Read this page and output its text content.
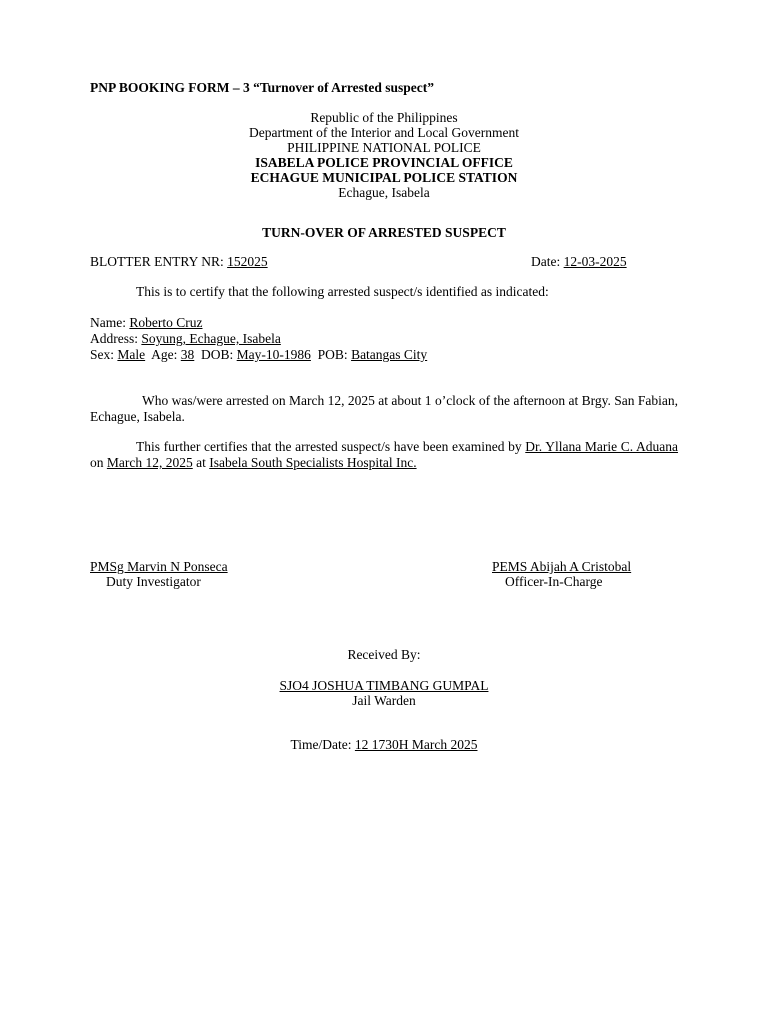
PNP BOOKING FORM – 3 “Turnover of Arrested suspect”
Republic of the Philippines
Department of the Interior and Local Government
PHILIPPINE NATIONAL POLICE
ISABELA POLICE PROVINCIAL OFFICE
ECHAGUE MUNICIPAL POLICE STATION
Echague, Isabela
TURN-OVER OF ARRESTED SUSPECT
BLOTTER ENTRY NR: 152025	Date: 12-03-2025
This is to certify that the following arrested suspect/s identified as indicated:
Name: Roberto Cruz
Address: Soyung, Echague, Isabela
Sex: Male Age: 38 DOB: May-10-1986 POB: Batangas City
Who was/were arrested on March 12, 2025 at about 1 o’clock of the afternoon at Brgy. San Fabian, Echague, Isabela.
This further certifies that the arrested suspect/s have been examined by Dr. Yllana Marie C. Aduana on March 12, 2025 at Isabela South Specialists Hospital Inc.
PMSg Marvin N Ponseca
Duty Investigator
PEMS Abijah A Cristobal
Officer-In-Charge
Received By:
SJO4 JOSHUA TIMBANG GUMPAL
Jail Warden
Time/Date: 12 1730H March 2025
